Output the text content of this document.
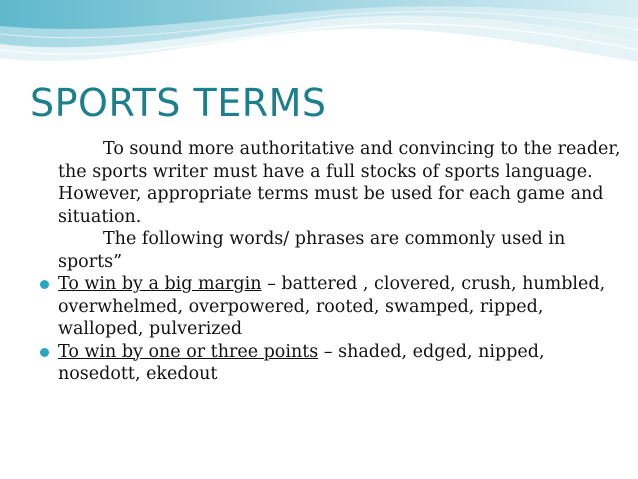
SPORTS TERMS

To sound more authoritative and convincing to the reader, the sports writer must have a full stocks of sports language. However, appropriate terms must be used for each game and situation.

The following words/ phrases are commonly used in sports”

To win by a big margin – battered , clovered, crush, humbled, overwhelmed, overpowered, rooted, swamped, ripped, walloped, pulverized

To win by one or three points – shaded, edged, nipped, nosedott, ekedout
